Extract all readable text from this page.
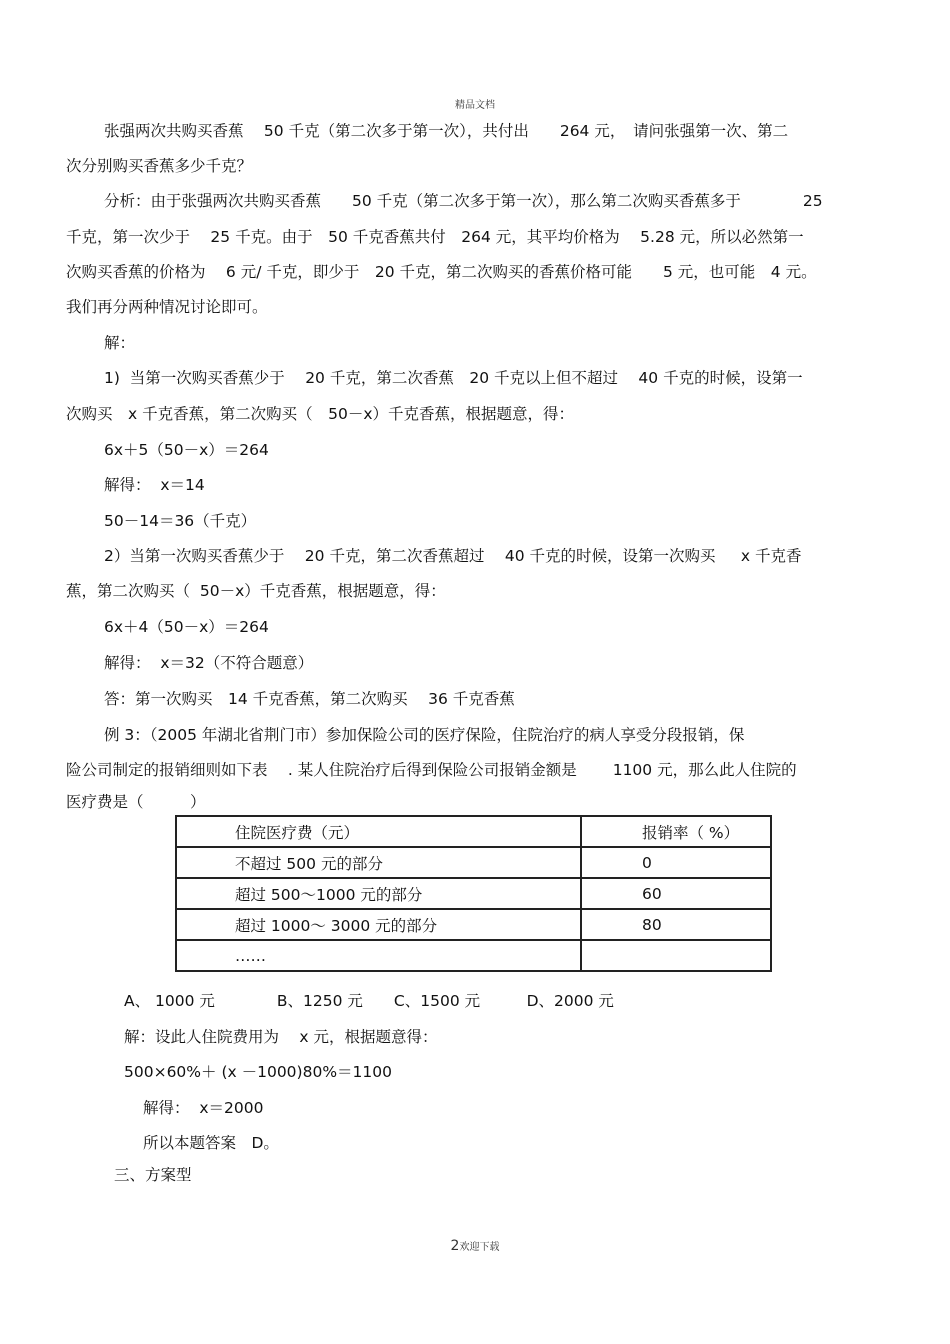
精品文档
张强两次共购买香蕉　 50 千克（第二次多于第一次），共付出　　264 元，　请问张强第一次、第二
次分别购买香蕉多少千克？
分析：由于张强两次共购买香蕉　　50 千克（第二次多于第一次），那么第二次购买香蕉多于　　　　25
千克，第一次少于　 25 千克。由于　50 千克香蕉共付　264 元，其平均价格为　 5.28 元，所以必然第一
次购买香蕉的价格为　 6 元/ 千克，即少于　20 千克，第二次购买的香蕉价格可能　　5 元，也可能　4 元。
我们再分两种情况讨论即可。
解：
1)  当第一次购买香蕉少于　 20 千克，第二次香蕉　20 千克以上但不超过　 40 千克的时候，设第一
次购买　x 千克香蕉，第二次购买（　50－x）千克香蕉，根据题意，得：
6x＋5（50－x）＝264
解得：  x＝14
50－14＝36（千克）
2）当第一次购买香蕉少于　 20 千克，第二次香蕉超过　 40 千克的时候，设第一次购买　  x 千克香
蕉，第二次购买（  50－x）千克香蕉，根据题意，得：
6x＋4（50－x）＝264
解得：  x＝32（不符合题意）
答：第一次购买　14 千克香蕉，第二次购买　 36 千克香蕉
例 3：（2005 年湖北省荆门市）参加保险公司的医疗保险，住院治疗的病人享受分段报销，保
险公司制定的报销细则如下表　 . 某人住院治疗后得到保险公司报销金额是　　 1100 元，那么此人住院的
医疗费是（　　　）
住院医疗费（元）	报销率（ %）
不超过 500 元的部分	0
超过 500～1000 元的部分	60
超过 1000～ 3000 元的部分	80
……	
A、 1000 元　　　　B、1250 元　　C、1500 元　　　D、2000 元
解：设此人住院费用为　 x 元，根据题意得：
500×60%＋ (x －1000)80%＝1100
解得：  x＝2000
所以本题答案　D。
三、方案型
2欢迎下载
